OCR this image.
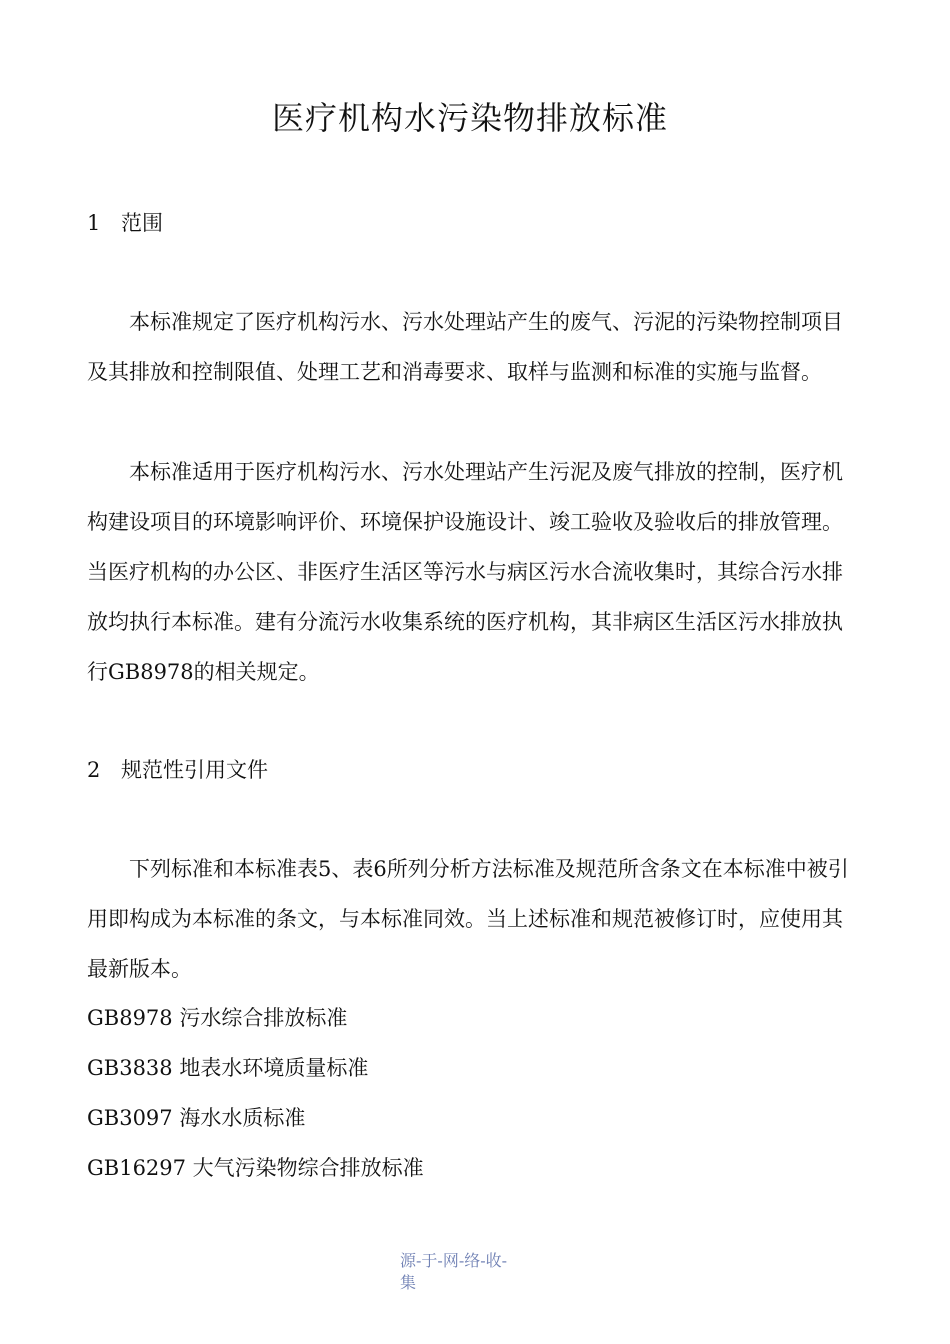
医疗机构水污染物排放标准
1 范围
本标准规定了医疗机构污水、污水处理站产生的废气、污泥的污染物控制项目及其排放和控制限值、处理工艺和消毒要求、取样与监测和标准的实施与监督。
本标准适用于医疗机构污水、污水处理站产生污泥及废气排放的控制，医疗机构建设项目的环境影响评价、环境保护设施设计、竣工验收及验收后的排放管理。当医疗机构的办公区、非医疗生活区等污水与病区污水合流收集时，其综合污水排放均执行本标准。建有分流污水收集系统的医疗机构，其非病区生活区污水排放执行GB8978的相关规定。
2 规范性引用文件
下列标准和本标准表5、表6所列分析方法标准及规范所含条文在本标准中被引用即构成为本标准的条文，与本标准同效。当上述标准和规范被修订时，应使用其最新版本。
GB8978 污水综合排放标准
GB3838 地表水环境质量标准
GB3097 海水水质标准
GB16297 大气污染物综合排放标准
源-于-网-络-收-
集
